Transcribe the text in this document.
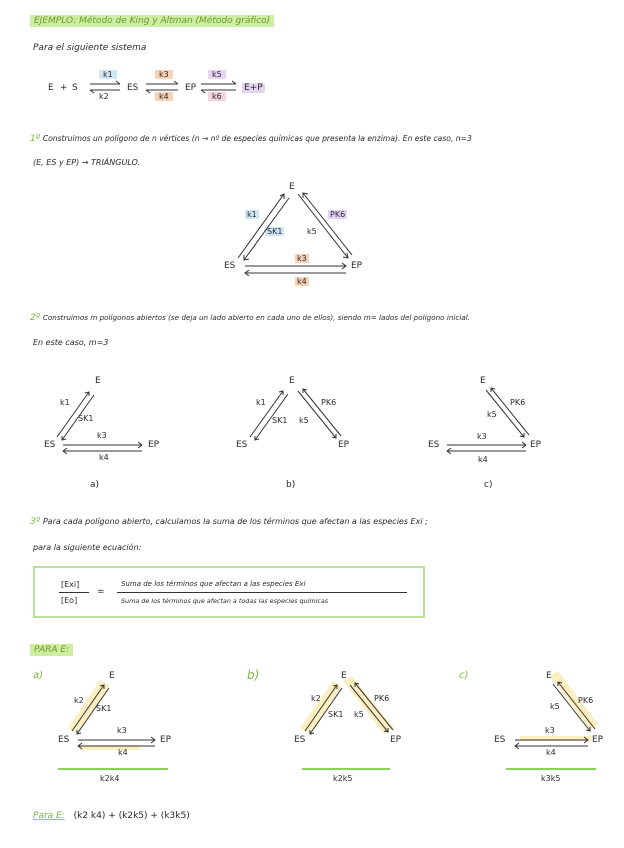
EJEMPLO: Método de King y Altman (Método gráfico)
Para el siguiente sistema
E + S
k1
k2
ES
k3
k4
EP
k5
k6
E+P
1º Construimos un polígono de n vértices (n → nº de especies químicas que presenta la enzima). En este caso, n=3
(E, ES y EP) → TRIÁNGULO.
E
ES	EP
k1
SK1	k5
PK6
k3
k4
2º Construimos m polígonos abiertos (se deja un lado abierto en cada uno de ellos), siendo m= lados del polígono inicial.
En este caso, m=3
E
ES	EP
k1
SK1
k3
k4
a)
E
ES	EP
k1
SK1 k5
PK6
b)
E
ES	EP
PK6
k5
k3
k4
c)
3º Para cada polígono abierto, calculamos la suma de los términos que afectan a las especies Exi ;
para la siguiente ecuación:
[Exi]
[Eo]
=
Suma de los términos que afectan a las especies Exi
Suma de los términos que afectan a todas las especies químicas
PARA E:
a)	b)	c)
E
ES	EP
k2
SK1
k3
k4
k2k4
E
ES	EP
k2
SK1 k5
PK6
k2k5
E
ES	EP
PK6
k5
k3
k4
k3k5
Para E: (k2 k4) + (k2k5) + (k3k5)
